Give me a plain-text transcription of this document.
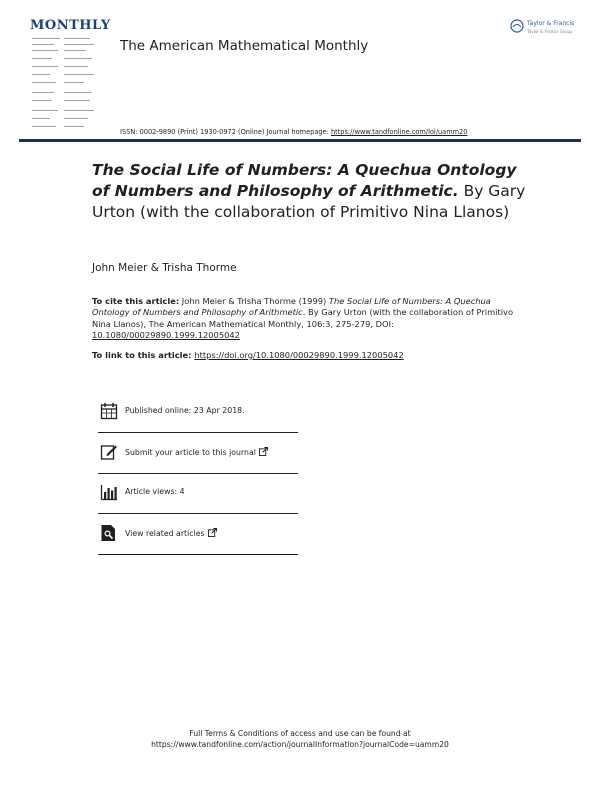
MONTHLY
The American Mathematical Monthly
Taylor & Francis
Taylor & Francis Group
ISSN: 0002-9890 (Print) 1930-0972 (Online) Journal homepage: https://www.tandfonline.com/loi/uamm20
The Social Life of Numbers: A Quechua Ontology of Numbers and Philosophy of Arithmetic. By Gary Urton (with the collaboration of Primitivo Nina Llanos)
John Meier & Trisha Thorme
To cite this article: John Meier & Trisha Thorme (1999) The Social Life of Numbers: A Quechua Ontology of Numbers and Philosophy of Arithmetic. By Gary Urton (with the collaboration of Primitivo Nina Llanos), The American Mathematical Monthly, 106:3, 275-279, DOI: 10.1080/00029890.1999.12005042
To link to this article: https://doi.org/10.1080/00029890.1999.12005042
Published online: 23 Apr 2018.
Submit your article to this journal
Article views: 4
View related articles
Full Terms & Conditions of access and use can be found at
https://www.tandfonline.com/action/journalInformation?journalCode=uamm20
